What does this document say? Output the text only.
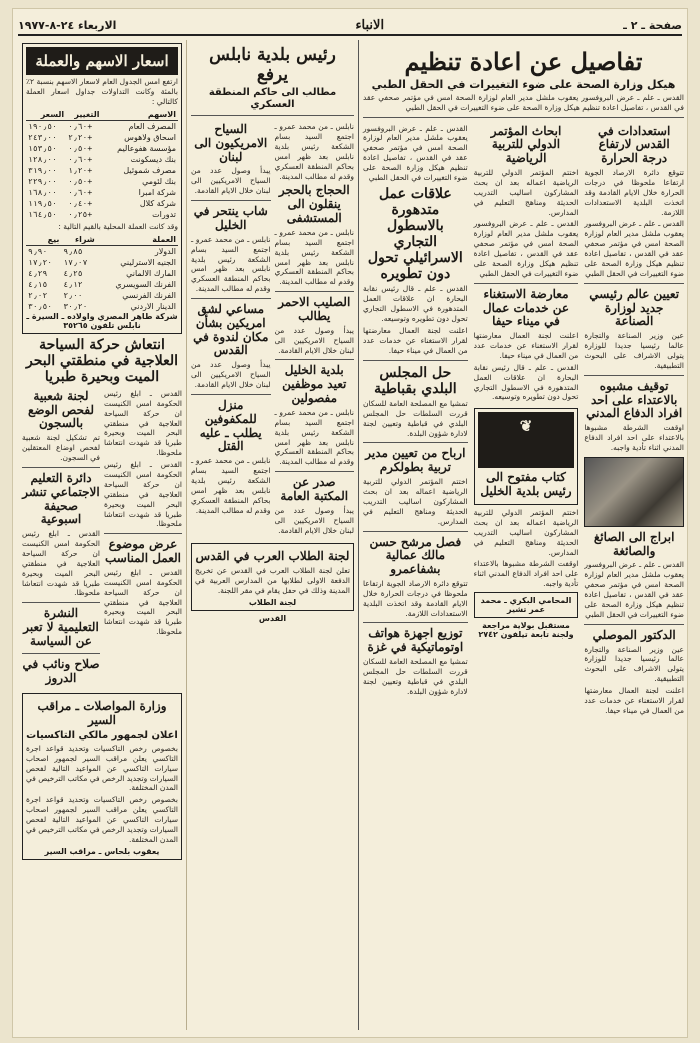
صفحة ـ ٢ ـ
الانباء
الاربعاء ٢٤-٨-١٩٧٧
تفاصيل عن اعادة تنظيم
هيكل وزارة الصحة على ضوء التغييرات في الحقل الطبي
القدس ـ علم ـ عرض البروفسور يعقوب ملشل مدير العام لوزارة الصحة امس في مؤتمر صحفي عقد في القدس ، تفاصيل اعادة تنظيم هيكل وزارة الصحة على ضوء التغييرات في الحقل الطبي
استعدادات في القدس لارتفاع درجة الحرارة
تتوقع دائرة الارصاد الجوية ارتفاعا ملحوظا في درجات الحرارة خلال الايام القادمة وقد اتخذت البلدية الاستعدادات اللازمة.
القدس ـ علم ـ عرض البروفسور يعقوب ملشل مدير العام لوزارة الصحة امس في مؤتمر صحفي عقد في القدس ، تفاصيل اعادة تنظيم هيكل وزارة الصحة على ضوء التغييرات في الحقل الطبي
تعيين عالم رئيسي جديد لوزارة الصناعة
عين وزير الصناعة والتجارة عالما رئيسيا جديدا للوزارة يتولى الاشراف على البحوث التطبيقية.
توقيف مشبوه بالاعتداء على احد افراد الدفاع المدني
اوقفت الشرطة مشبوها بالاعتداء على احد افراد الدفاع المدني اثناء تأدية واجبه.
ابراج الى الصائغ والصائغة
القدس ـ علم ـ عرض البروفسور يعقوب ملشل مدير العام لوزارة الصحة امس في مؤتمر صحفي عقد في القدس ، تفاصيل اعادة تنظيم هيكل وزارة الصحة على ضوء التغييرات في الحقل الطبي
الدكتور الموصلي
عين وزير الصناعة والتجارة عالما رئيسيا جديدا للوزارة يتولى الاشراف على البحوث التطبيقية.
اعلنت لجنة العمال معارضتها لقرار الاستغناء عن خدمات عدد من العمال في ميناء حيفا.
ابحاث المؤتمر الدولي للتربية الرياضية
اختتم المؤتمر الدولي للتربية الرياضية اعماله بعد ان بحث المشاركون اساليب التدريب الحديثة ومناهج التعليم في المدارس.
القدس ـ علم ـ عرض البروفسور يعقوب ملشل مدير العام لوزارة الصحة امس في مؤتمر صحفي عقد في القدس ، تفاصيل اعادة تنظيم هيكل وزارة الصحة على ضوء التغييرات في الحقل الطبي
معارضة الاستغناء عن خدمات عمال في ميناء حيفا
اعلنت لجنة العمال معارضتها لقرار الاستغناء عن خدمات عدد من العمال في ميناء حيفا.
القدس ـ علم ـ قال رئيس نقابة البحارة ان علاقات العمل المتدهورة في الاسطول التجاري تحول دون تطويره وتوسيعه.
❦
كتاب مفتوح الى رئيس بلدية الخليل
اختتم المؤتمر الدولي للتربية الرياضية اعماله بعد ان بحث المشاركون اساليب التدريب الحديثة ومناهج التعليم في المدارس.
اوقفت الشرطة مشبوها بالاعتداء على احد افراد الدفاع المدني اثناء تأدية واجبه.
المحامي البكري ـ محمد عمر تشير
مستقبل بولاية مراجعة ولجنة تابعة تيلفون ٢٧٤٢
القدس ـ علم ـ عرض البروفسور يعقوب ملشل مدير العام لوزارة الصحة امس في مؤتمر صحفي عقد في القدس ، تفاصيل اعادة تنظيم هيكل وزارة الصحة على ضوء التغييرات في الحقل الطبي
علاقات عمل متدهورة بالاسطول التجاري الاسرائيلي تحول دون تطويره
القدس ـ علم ـ قال رئيس نقابة البحارة ان علاقات العمل المتدهورة في الاسطول التجاري تحول دون تطويره وتوسيعه.
اعلنت لجنة العمال معارضتها لقرار الاستغناء عن خدمات عدد من العمال في ميناء حيفا.
حل المجلس البلدي بقباطية
تمشيا مع المصلحة العامة للسكان قررت السلطات حل المجلس البلدي في قباطية وتعيين لجنة لادارة شؤون البلدة.
ارباح من تعيين مدير تربية بطولكرم
اختتم المؤتمر الدولي للتربية الرياضية اعماله بعد ان بحث المشاركون اساليب التدريب الحديثة ومناهج التعليم في المدارس.
فصل مرشح حسن مالك عمالية بشفاعمرو
تتوقع دائرة الارصاد الجوية ارتفاعا ملحوظا في درجات الحرارة خلال الايام القادمة وقد اتخذت البلدية الاستعدادات اللازمة.
توزيع اجهزة هواتف اوتوماتيكية في غزة
تمشيا مع المصلحة العامة للسكان قررت السلطات حل المجلس البلدي في قباطية وتعيين لجنة لادارة شؤون البلدة.
رئيس بلدية نابلس يرفع
مطالب الى حاكم المنطقة العسكري
نابلس ـ من محمد عمرو ـ اجتمع السيد بسام الشكعة رئيس بلدية نابلس بعد ظهر امس بحاكم المنطقة العسكري وقدم له مطالب المدينة.
الحجاج بالحجر ينقلون الى المستشفى
نابلس ـ من محمد عمرو ـ اجتمع السيد بسام الشكعة رئيس بلدية نابلس بعد ظهر امس بحاكم المنطقة العسكري وقدم له مطالب المدينة.
الصليب الاحمر يطالب
يبدأ وصول عدد من السياح الامريكيين الى لبنان خلال الايام القادمة.
بلدية الخليل تعيد موظفين مفصولين
نابلس ـ من محمد عمرو ـ اجتمع السيد بسام الشكعة رئيس بلدية نابلس بعد ظهر امس بحاكم المنطقة العسكري وقدم له مطالب المدينة.
صدر عن المكتبة العامة
يبدأ وصول عدد من السياح الامريكيين الى لبنان خلال الايام القادمة.
السياح الامريكيون الى لبنان
يبدأ وصول عدد من السياح الامريكيين الى لبنان خلال الايام القادمة.
شاب ينتحر في الخليل
نابلس ـ من محمد عمرو ـ اجتمع السيد بسام الشكعة رئيس بلدية نابلس بعد ظهر امس بحاكم المنطقة العسكري وقدم له مطالب المدينة.
مساعي لشق امريكين بشأن مكان لندوة في القدس
يبدأ وصول عدد من السياح الامريكيين الى لبنان خلال الايام القادمة.
منزل للمكفوفين يطلب ـ عليه القتل
نابلس ـ من محمد عمرو ـ اجتمع السيد بسام الشكعة رئيس بلدية نابلس بعد ظهر امس بحاكم المنطقة العسكري وقدم له مطالب المدينة.
لجنة الطلاب العرب في القدس
تعلن لجنة الطلاب العرب في القدس عن تخريج الدفعة الاولى لطلابها من المدارس العربية في المدينة وذلك في حفل يقام في مقر اللجنة.
لجنة الطلاب
القدس
اسعار الاسهم والعملة
ارتفع امس الجدول العام لاسعار الاسهم بنسبة ٢٪ بالمئة وكانت التداولات جداول اسعار العملة كالتالي :
الاسهم	التغيير	السعر
المصرف العام	٠٫٦٠+	١٩٠٫٥٠
اسحاق ولاهوس	٢٫٢٠+	٢٤٣٫٠٠
مؤسسة هفوعاليم	٠٫٥٠+	١٥٣٫٥٠
بنك ديسكونت	٠٫٦٠+	١٢٨٫٠٠
مصرف شموئيل	١٫٢٠+	٣١٩٫٠٠
بنك لئومي	٠٫٥٠+	٢٢٩٫٠٠
شركة امبرا	٠٫٦٠+	١٦٨٫٠٠
شركة كلال	٠٫٤٠+	١١٩٫٥٠
تدورات	٠٫٢٥+	١٦٤٫٥٠
وقد كانت العملة المحلية بالقيم التالية :
العملة	شراء	بيع
الدولار	٩٫٨٥	٩٫٩٠
الجنيه الاسترليني	١٧٫٠٧	١٧٫٢٠
المارك الالماني	٤٫٢٥	٤٫٢٩
الفرنك السويسري	٤٫١٢	٤٫١٥
الفرنك الفرنسي	٢٫٠٠	٢٫٠٢
الدينار الاردني	٣٠٫٢٠	٣٠٫٥٠
شركة طاهر المصري واولاده ـ السيرة ـ نابلس تلفون ٣٥٢٦٥
انتعاش حركة السياحة العلاجية في منطقتي البحر الميت وبحيرة طبريا
القدس ـ ابلغ رئيس الحكومة امس الكنيست ان حركة السياحة العلاجية في منطقتي البحر الميت وبحيرة طبريا قد شهدت انتعاشا ملحوظا.
القدس ـ ابلغ رئيس الحكومة امس الكنيست ان حركة السياحة العلاجية في منطقتي البحر الميت وبحيرة طبريا قد شهدت انتعاشا ملحوظا.
عرض موضوع العمل المناسب
القدس ـ ابلغ رئيس الحكومة امس الكنيست ان حركة السياحة العلاجية في منطقتي البحر الميت وبحيرة طبريا قد شهدت انتعاشا ملحوظا.
لجنة شعبية لفحص الوضع بالسجون
تم تشكيل لجنة شعبية لفحص اوضاع المعتقلين في السجون.
دائرة التعليم الاجتماعي تنشر صحيفة اسبوعية
القدس ـ ابلغ رئيس الحكومة امس الكنيست ان حركة السياحة العلاجية في منطقتي البحر الميت وبحيرة طبريا قد شهدت انتعاشا ملحوظا.
النشرة التعليمية لا تعبر عن السياسة
صلاح ونائب في الدروز
وزارة المواصلات ـ مراقب السير
اعلان لجمهور مالكي التاكسيات
بخصوص رخص التاكسيات وتحديد قواعد اجرة التاكسي يعلن مراقب السير لجمهور اصحاب سيارات التاكسي عن المواعيد التالية لفحص السيارات وتجديد الرخص في مكاتب الترخيص في المدن المختلفة.
بخصوص رخص التاكسيات وتحديد قواعد اجرة التاكسي يعلن مراقب السير لجمهور اصحاب سيارات التاكسي عن المواعيد التالية لفحص السيارات وتجديد الرخص في مكاتب الترخيص في المدن المختلفة.
يعقوب بلحاس ـ مراقب السير
